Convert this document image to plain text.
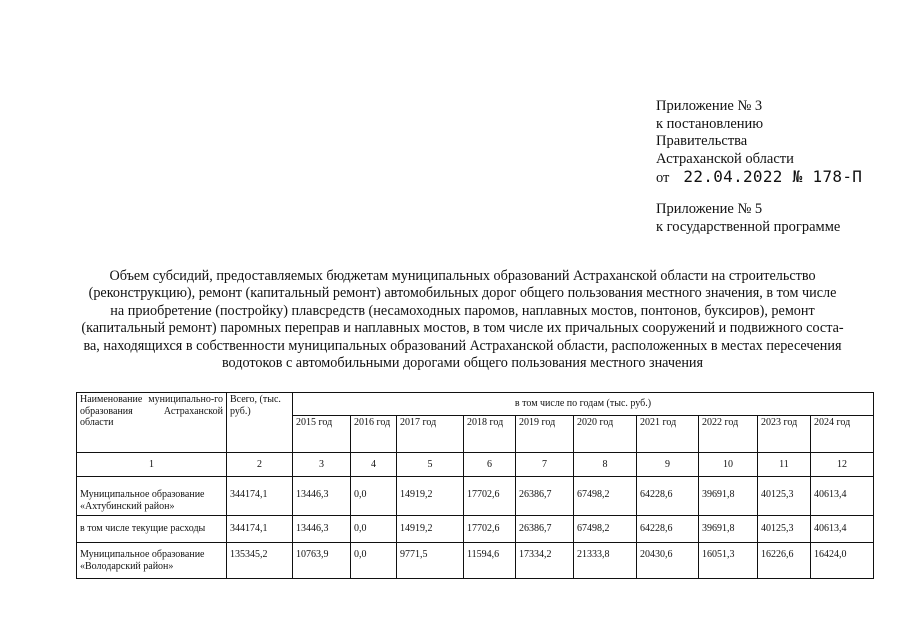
Приложение № 3
к постановлению
Правительства
Астраханской области
от 22.04.2022 № 178-П
Приложение № 5
к государственной программе
Объем субсидий, предоставляемых бюджетам муниципальных образований Астраханской области на строительство
(реконструкцию), ремонт (капитальный ремонт) автомобильных дорог общего пользования местного значения, в том числе
на приобретение (постройку) плавсредств (несамоходных паромов, наплавных мостов, понтонов, буксиров), ремонт
(капитальный ремонт) паромных переправ и наплавных мостов, в том числе их причальных сооружений и подвижного соста-
ва, находящихся в собственности муниципальных образований Астраханской области, расположенных в местах пересечения
водотоков с автомобильными дорогами общего пользования местного значения
Наименование муниципально-го образования Астраханской области	Всего, (тыс. руб.)	в том числе по годам (тыс. руб.)									
		2015 год	2016 год	2017 год	2018 год	2019 год	2020 год	2021 год	2022 год	2023 год	2024 год
1	2	3	4	5	6	7	8	9	10	11	12
Муниципальное образование «Ахтубинский район»	344174,1	13446,3	0,0	14919,2	17702,6	26386,7	67498,2	64228,6	39691,8	40125,3	40613,4
в том числе текущие расходы	344174,1	13446,3	0,0	14919,2	17702,6	26386,7	67498,2	64228,6	39691,8	40125,3	40613,4
Муниципальное образование «Володарский район»	135345,2	10763,9	0,0	9771,5	11594,6	17334,2	21333,8	20430,6	16051,3	16226,6	16424,0
